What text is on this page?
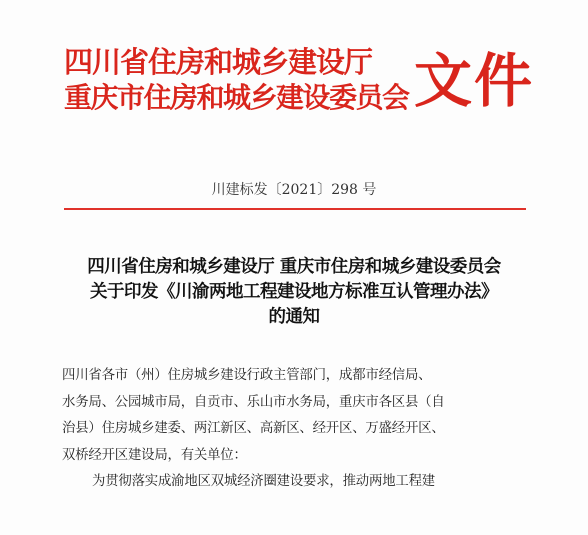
四川省住房和城乡建设厅
重庆市住房和城乡建设委员会 文件
川建标发〔2021〕298 号
四川省住房和城乡建设厅 重庆市住房和城乡建设委员会
关于印发《川渝两地工程建设地方标准互认管理办法》
的通知
四川省各市（州）住房城乡建设行政主管部门，成都市经信局、
水务局、公园城市局，自贡市、乐山市水务局，重庆市各区县（自
治县）住房城乡建委、两江新区、高新区、经开区、万盛经开区、
双桥经开区建设局，有关单位：
为贯彻落实成渝地区双城经济圈建设要求，推动两地工程建
